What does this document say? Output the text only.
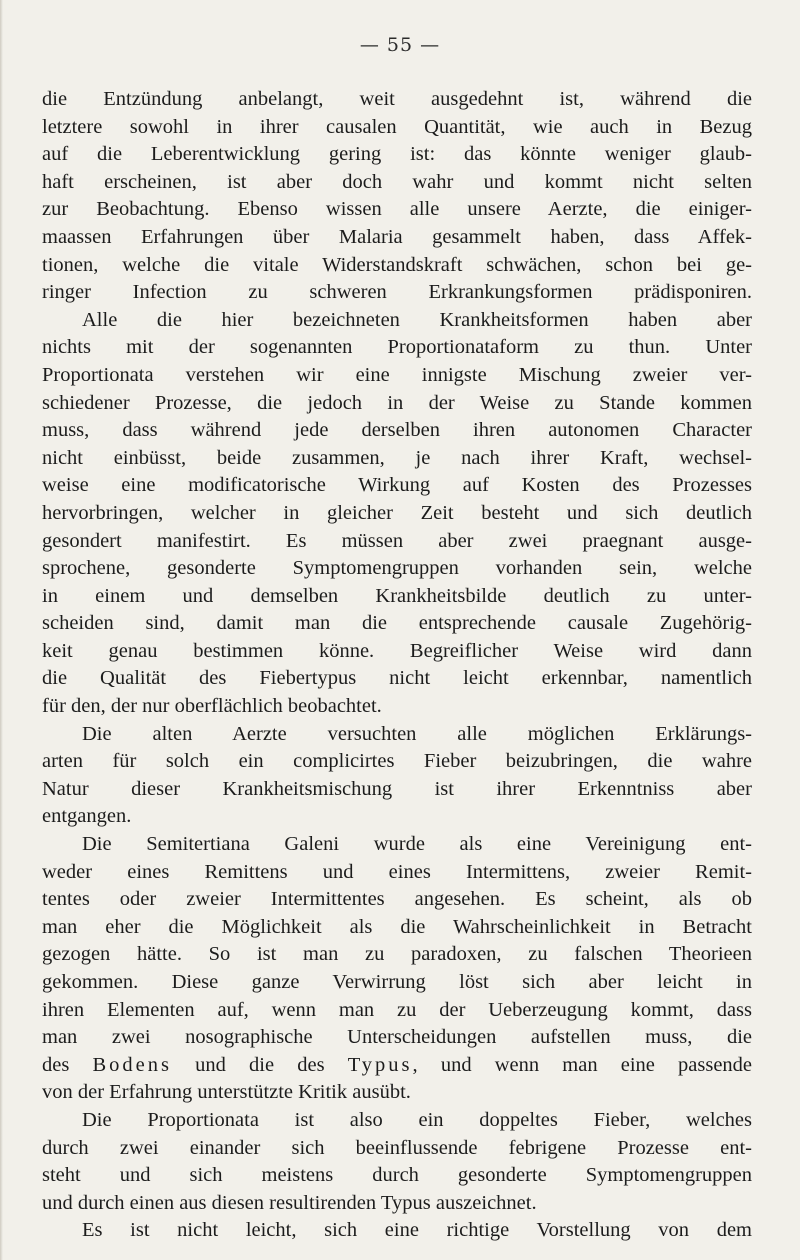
— 55 —
die Entzündung anbelangt, weit ausgedehnt ist, während die
letztere sowohl in ihrer causalen Quantität, wie auch in Bezug
auf die Leberentwicklung gering ist: das könnte weniger glaub-
haft erscheinen, ist aber doch wahr und kommt nicht selten
zur Beobachtung. Ebenso wissen alle unsere Aerzte, die einiger-
maassen Erfahrungen über Malaria gesammelt haben, dass Affek-
tionen, welche die vitale Widerstandskraft schwächen, schon bei ge-
ringer Infection zu schweren Erkrankungsformen prädisponiren.
Alle die hier bezeichneten Krankheitsformen haben aber
nichts mit der sogenannten Proportionataform zu thun. Unter
Proportionata verstehen wir eine innigste Mischung zweier ver-
schiedener Prozesse, die jedoch in der Weise zu Stande kommen
muss, dass während jede derselben ihren autonomen Character
nicht einbüsst, beide zusammen, je nach ihrer Kraft, wechsel-
weise eine modificatorische Wirkung auf Kosten des Prozesses
hervorbringen, welcher in gleicher Zeit besteht und sich deutlich
gesondert manifestirt. Es müssen aber zwei praegnant ausge-
sprochene, gesonderte Symptomengruppen vorhanden sein, welche
in einem und demselben Krankheitsbilde deutlich zu unter-
scheiden sind, damit man die entsprechende causale Zugehörig-
keit genau bestimmen könne. Begreiflicher Weise wird dann
die Qualität des Fiebertypus nicht leicht erkennbar, namentlich
für den, der nur oberflächlich beobachtet.
Die alten Aerzte versuchten alle möglichen Erklärungs-
arten für solch ein complicirtes Fieber beizubringen, die wahre
Natur dieser Krankheitsmischung ist ihrer Erkenntniss aber
entgangen.
Die Semitertiana Galeni wurde als eine Vereinigung ent-
weder eines Remittens und eines Intermittens, zweier Remit-
tentes oder zweier Intermittentes angesehen. Es scheint, als ob
man eher die Möglichkeit als die Wahrscheinlichkeit in Betracht
gezogen hätte. So ist man zu paradoxen, zu falschen Theorieen
gekommen. Diese ganze Verwirrung löst sich aber leicht in
ihren Elementen auf, wenn man zu der Ueberzeugung kommt, dass
man zwei nosographische Unterscheidungen aufstellen muss, die
des Bodens und die des Typus, und wenn man eine passende
von der Erfahrung unterstützte Kritik ausübt.
Die Proportionata ist also ein doppeltes Fieber, welches
durch zwei einander sich beeinflussende febrigene Prozesse ent-
steht und sich meistens durch gesonderte Symptomengruppen
und durch einen aus diesen resultirenden Typus auszeichnet.
Es ist nicht leicht, sich eine richtige Vorstellung von dem
